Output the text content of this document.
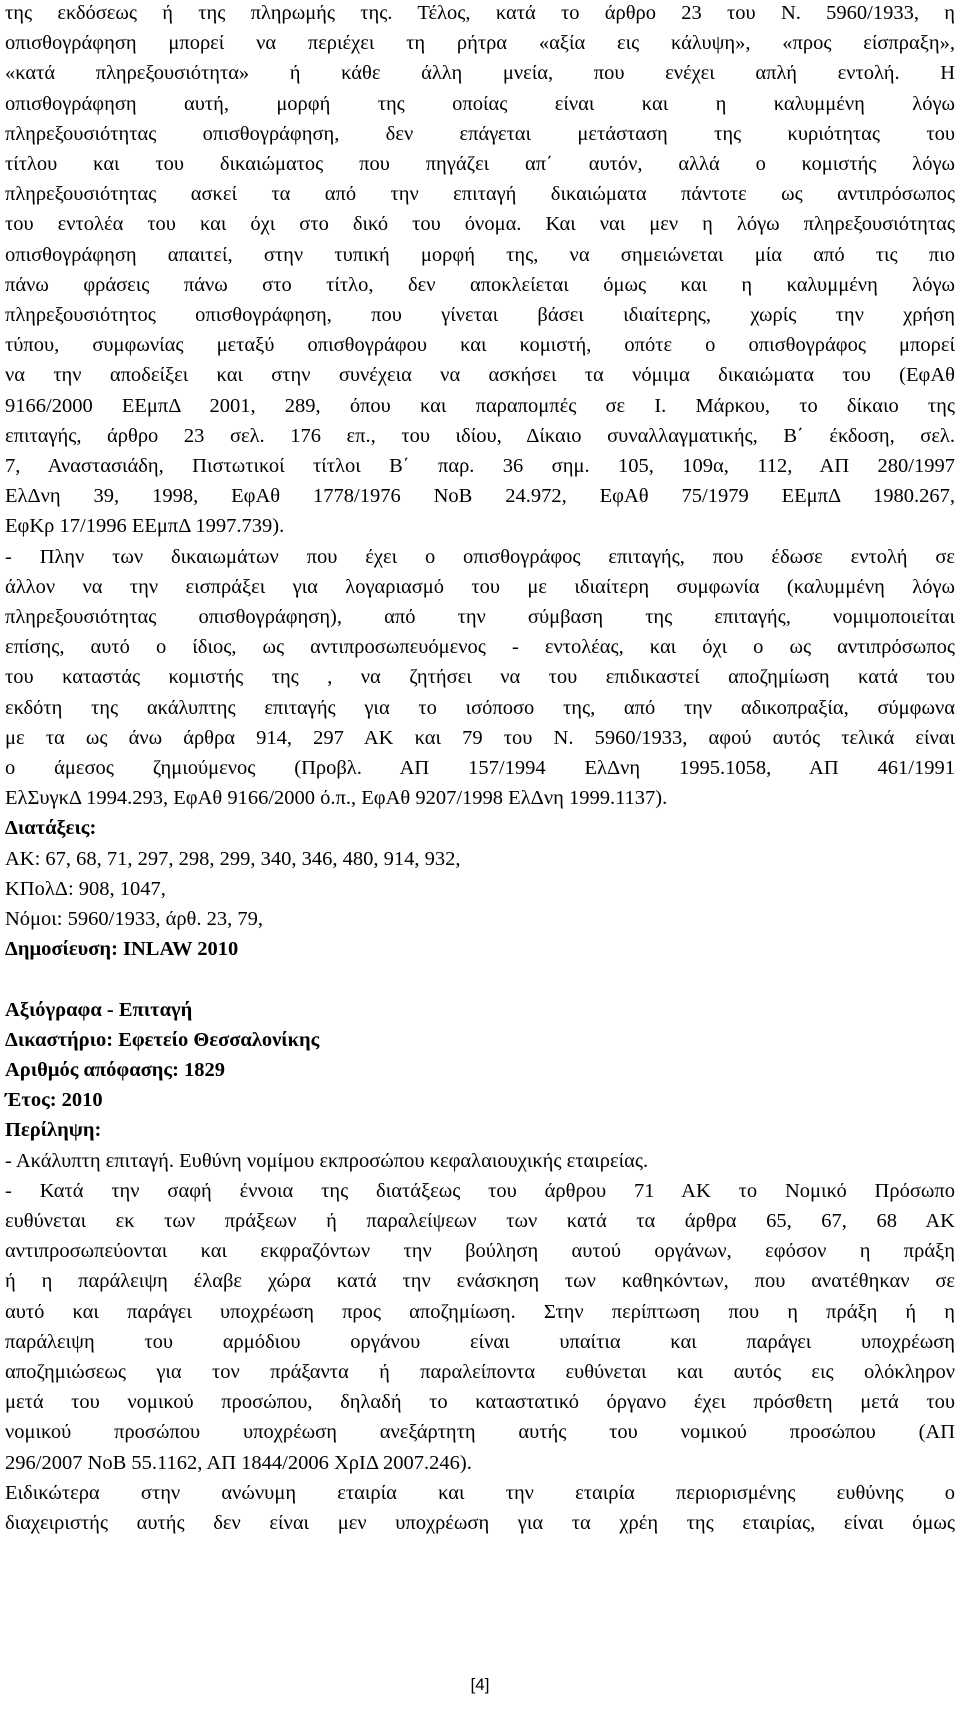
της εκδόσεως ή της πληρωμής της. Τέλος, κατά το άρθρο 23 του Ν. 5960/1933, η
οπισθογράφηση μπορεί να περιέχει τη ρήτρα «αξία εις κάλυψη», «προς είσπραξη»,
«κατά πληρεξουσιότητα» ή κάθε άλλη μνεία, που ενέχει απλή εντολή. Η
οπισθογράφηση αυτή, μορφή της οποίας είναι και η καλυμμένη λόγω
πληρεξουσιότητας οπισθογράφηση, δεν επάγεται μετάσταση της κυριότητας του
τίτλου και του δικαιώματος που πηγάζει απ΄ αυτόν, αλλά ο κομιστής λόγω
πληρεξουσιότητας ασκεί τα από την επιταγή δικαιώματα πάντοτε ως αντιπρόσωπος
του εντολέα του και όχι στο δικό του όνομα. Και ναι μεν η λόγω πληρεξουσιότητας
οπισθογράφηση απαιτεί, στην τυπική μορφή της, να σημειώνεται μία από τις πιο
πάνω φράσεις πάνω στο τίτλο, δεν αποκλείεται όμως και η καλυμμένη λόγω
πληρεξουσιότητος οπισθογράφηση, που γίνεται βάσει ιδιαίτερης, χωρίς την χρήση
τύπου, συμφωνίας μεταξύ οπισθογράφου και κομιστή, οπότε ο οπισθογράφος μπορεί
να την αποδείξει και στην συνέχεια να ασκήσει τα νόμιμα δικαιώματα του (ΕφΑθ
9166/2000 ΕΕμπΔ 2001, 289, όπου και παραπομπές σε Ι. Μάρκου, το δίκαιο της
επιταγής, άρθρο 23 σελ. 176 επ., του ιδίου, Δίκαιο συναλλαγματικής, Β΄ έκδοση, σελ.
7, Αναστασιάδη, Πιστωτικοί τίτλοι Β΄ παρ. 36 σημ. 105, 109α, 112, ΑΠ 280/1997
ΕλΔνη 39, 1998, ΕφΑθ 1778/1976 ΝοΒ 24.972, ΕφΑθ 75/1979 ΕΕμπΔ 1980.267,
ΕφΚρ 17/1996 ΕΕμπΔ 1997.739).
- Πλην των δικαιωμάτων που έχει ο οπισθογράφος επιταγής, που έδωσε εντολή σε
άλλον να την εισπράξει για λογαριασμό του με ιδιαίτερη συμφωνία (καλυμμένη λόγω
πληρεξουσιότητας οπισθογράφηση), από την σύμβαση της επιταγής, νομιμοποιείται
επίσης, αυτό ο ίδιος, ως αντιπροσωπευόμενος - εντολέας, και όχι ο ως αντιπρόσωπος
του καταστάς κομιστής της , να ζητήσει να του επιδικαστεί αποζημίωση κατά του
εκδότη της ακάλυπτης επιταγής για το ισόποσο της, από την αδικοπραξία, σύμφωνα
με τα ως άνω άρθρα 914, 297 ΑΚ και 79 του Ν. 5960/1933, αφού αυτός τελικά είναι
ο άμεσος ζημιούμενος (Προβλ. ΑΠ 157/1994 ΕλΔνη 1995.1058, ΑΠ 461/1991
ΕλΣυγκΔ 1994.293, ΕφΑθ 9166/2000 ό.π., ΕφΑθ 9207/1998 ΕλΔνη 1999.1137).
Διατάξεις:
ΑΚ: 67, 68, 71, 297, 298, 299, 340, 346, 480, 914, 932,
ΚΠολΔ: 908, 1047,
Νόμοι: 5960/1933, άρθ. 23, 79,
Δημοσίευση: INLAW 2010
Αξιόγραφα - Επιταγή
Δικαστήριο: Εφετείο Θεσσαλονίκης
Αριθμός απόφασης: 1829
Έτος: 2010
Περίληψη:
- Ακάλυπτη επιταγή. Ευθύνη νομίμου εκπροσώπου κεφαλαιουχικής εταιρείας.
- Κατά την σαφή έννοια της διατάξεως του άρθρου 71 ΑΚ το Νομικό Πρόσωπο
ευθύνεται εκ των πράξεων ή παραλείψεων των κατά τα άρθρα 65, 67, 68 ΑΚ
αντιπροσωπεύονται και εκφραζόντων την βούληση αυτού οργάνων, εφόσον η πράξη
ή η παράλειψη έλαβε χώρα κατά την ενάσκηση των καθηκόντων, που ανατέθηκαν σε
αυτό και παράγει υποχρέωση προς αποζημίωση. Στην περίπτωση που η πράξη ή η
παράλειψη του αρμόδιου οργάνου είναι υπαίτια και παράγει υποχρέωση
αποζημιώσεως για τον πράξαντα ή παραλείποντα ευθύνεται και αυτός εις ολόκληρον
μετά του νομικού προσώπου, δηλαδή το καταστατικό όργανο έχει πρόσθετη μετά του
νομικού προσώπου υποχρέωση ανεξάρτητη αυτής του νομικού προσώπου (ΑΠ
296/2007 ΝοΒ 55.1162, ΑΠ 1844/2006 ΧρΙΔ 2007.246).
Ειδικώτερα στην ανώνυμη εταιρία και την εταιρία περιορισμένης ευθύνης ο
διαχειριστής αυτής δεν είναι μεν υποχρέωση για τα χρέη της εταιρίας, είναι όμως
[4]
